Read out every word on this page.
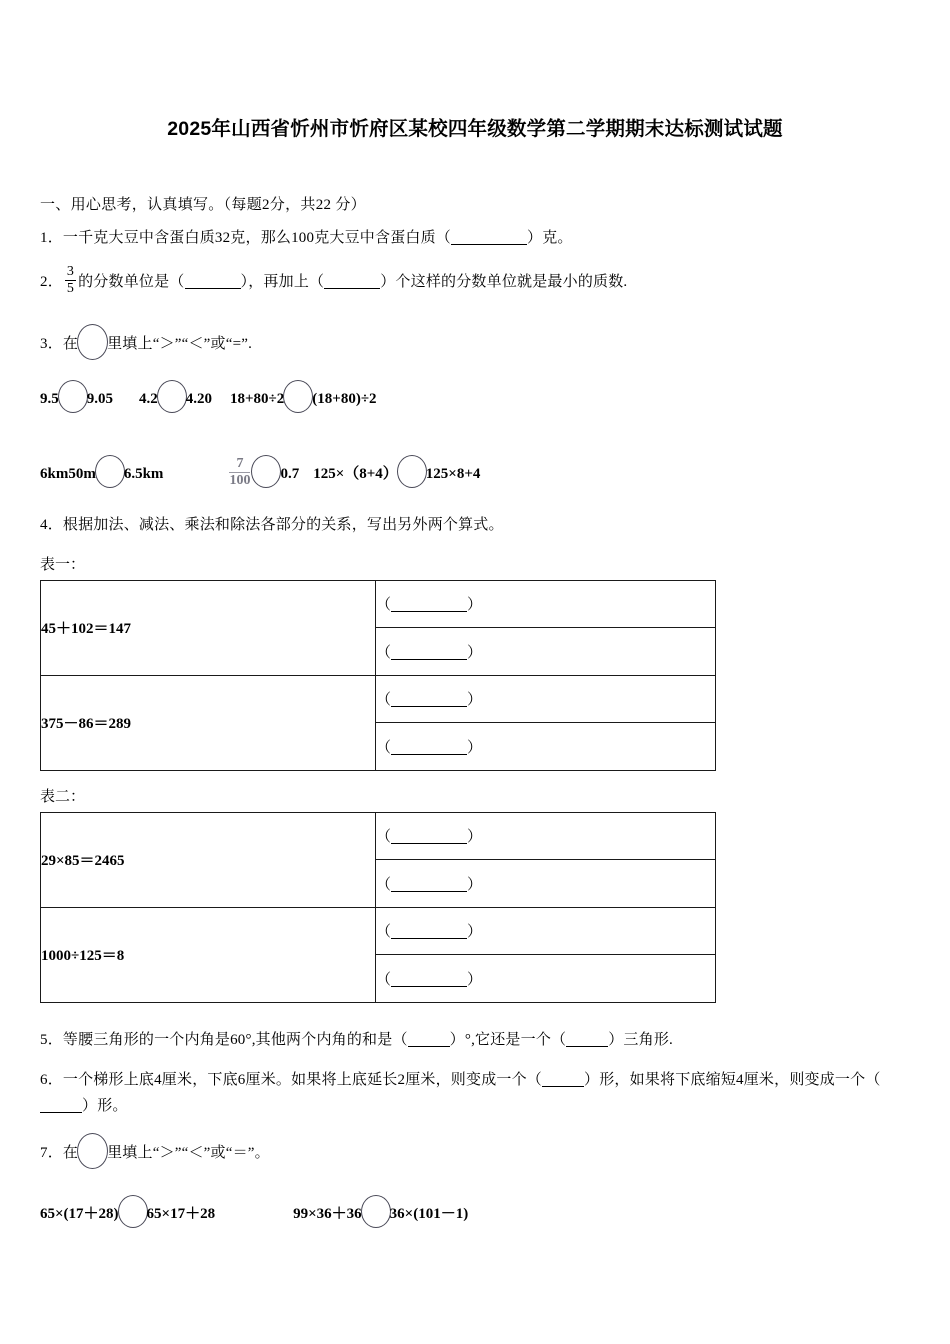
2025年山西省忻州市忻府区某校四年级数学第二学期期末达标测试试题
一、用心思考，认真填写。（每题2分，共22 分）
1．一千克大豆中含蛋白质32克，那么100克大豆中含蛋白质（	）克。
2． $\frac{3}{5}$ 的分数单位是（	），再加上（	）个这样的分数单位就是最小的质数.
3．在 里填上“＞”“＜”或“=”.
9.5 9.05 4.2 4.20 18+80÷2 (18+80)÷2
6km50m 6.5km	$\frac{7}{100} 0.7$ 125×（8+4） 125×8+4
4．根据加法、减法、乘法和除法各部分的关系，写出另外两个算式。
表一：
45＋102＝147	（ ）
	（ ）
375－86＝289	（ ）
	（ ）
表二：
29×85＝2465	（ ）
	（ ）
1000÷125＝8	（ ）
	（ ）
5．等腰三角形的一个内角是60°,其他两个内角的和是（	）°,它还是一个（	）三角形.
6．一个梯形上底4厘米，下底6厘米。如果将上底延长2厘米，则变成一个（	）形，如果将下底缩短4厘米，则变成一个（）形。
7．在 里填上“＞”“＜”或“＝”。
65×(17＋28) 65×17＋28	99×36＋36 36×(101－1)
